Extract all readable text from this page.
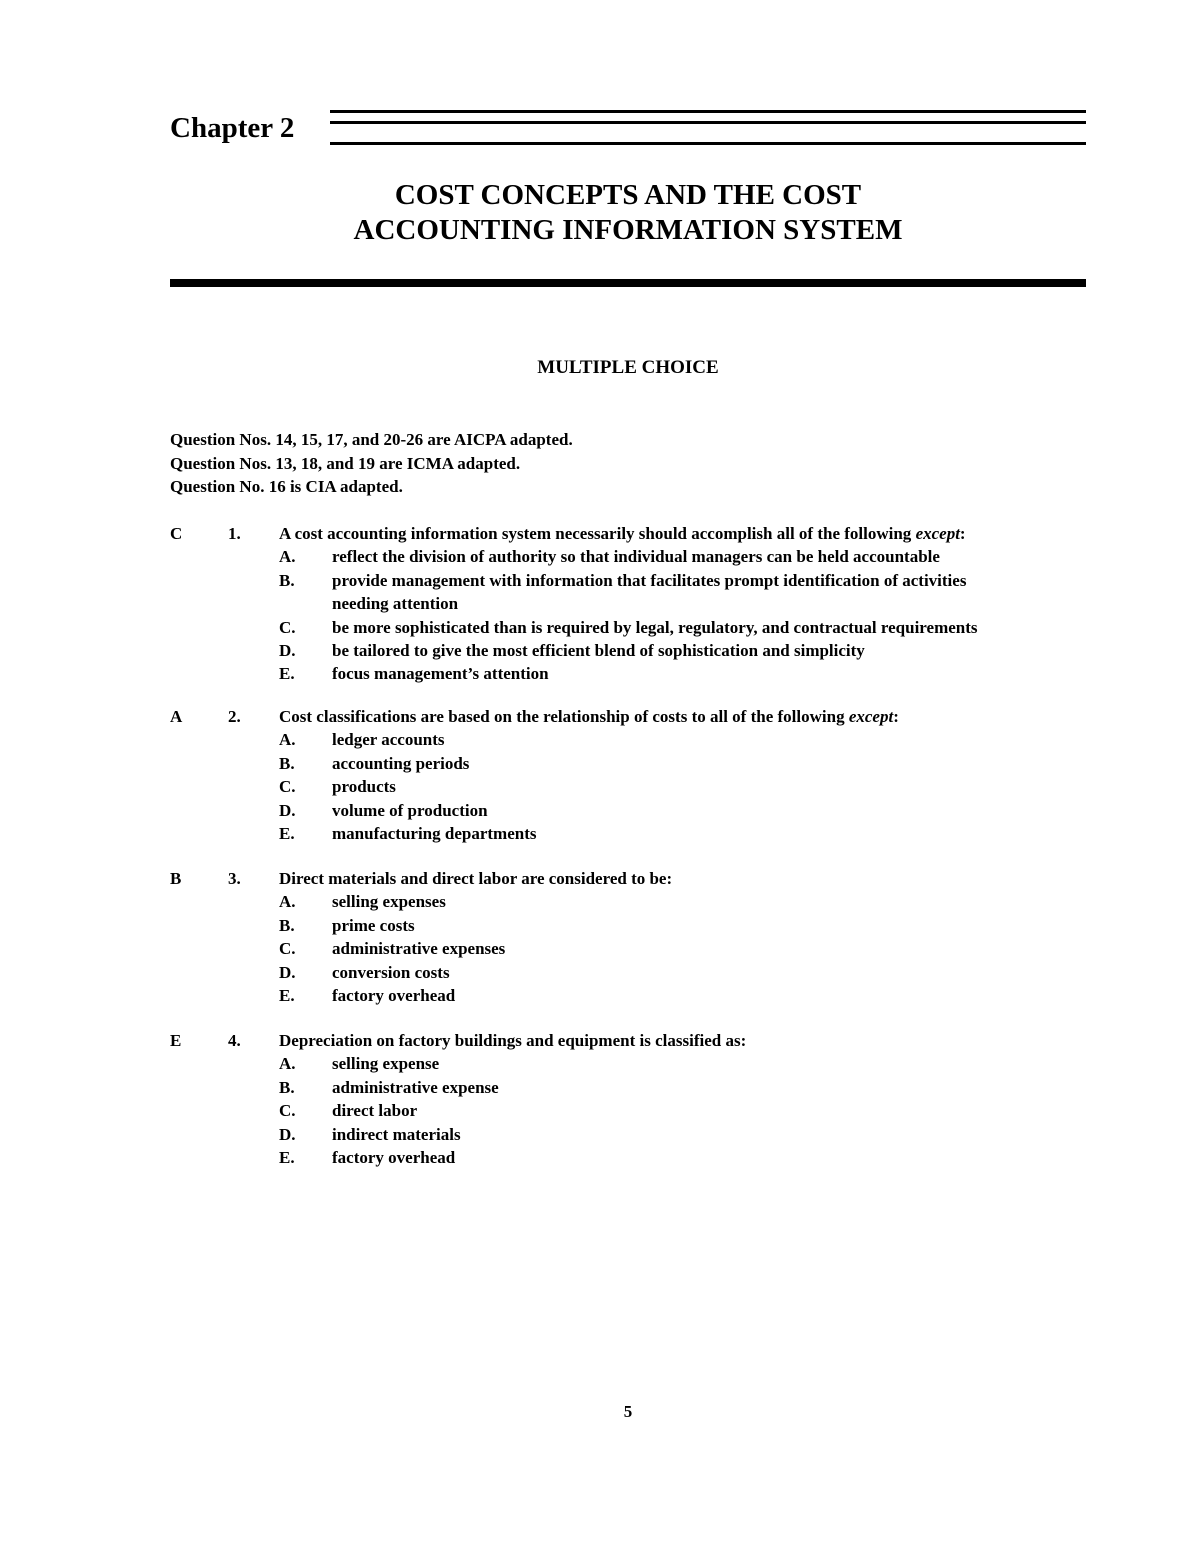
Chapter 2
COST CONCEPTS AND THE COST
ACCOUNTING INFORMATION SYSTEM
MULTIPLE CHOICE
Question Nos. 14, 15, 17, and 20-26 are AICPA adapted.
Question Nos. 13, 18, and 19 are ICMA adapted.
Question No. 16 is CIA adapted.
C	1. A cost accounting information system necessarily should accomplish all of the following except:
A. reflect the division of authority so that individual managers can be held accountable
B. provide management with information that facilitates prompt identification of activities
needing attention
C. be more sophisticated than is required by legal, regulatory, and contractual requirements
D. be tailored to give the most efficient blend of sophistication and simplicity
E. focus management’s attention
A	2. Cost classifications are based on the relationship of costs to all of the following except:
A. ledger accounts
B. accounting periods
C. products
D. volume of production
E. manufacturing departments
B	3. Direct materials and direct labor are considered to be:
A. selling expenses
B. prime costs
C. administrative expenses
D. conversion costs
E. factory overhead
E	4. Depreciation on factory buildings and equipment is classified as:
A. selling expense
B. administrative expense
C. direct labor
D. indirect materials
E. factory overhead
5
